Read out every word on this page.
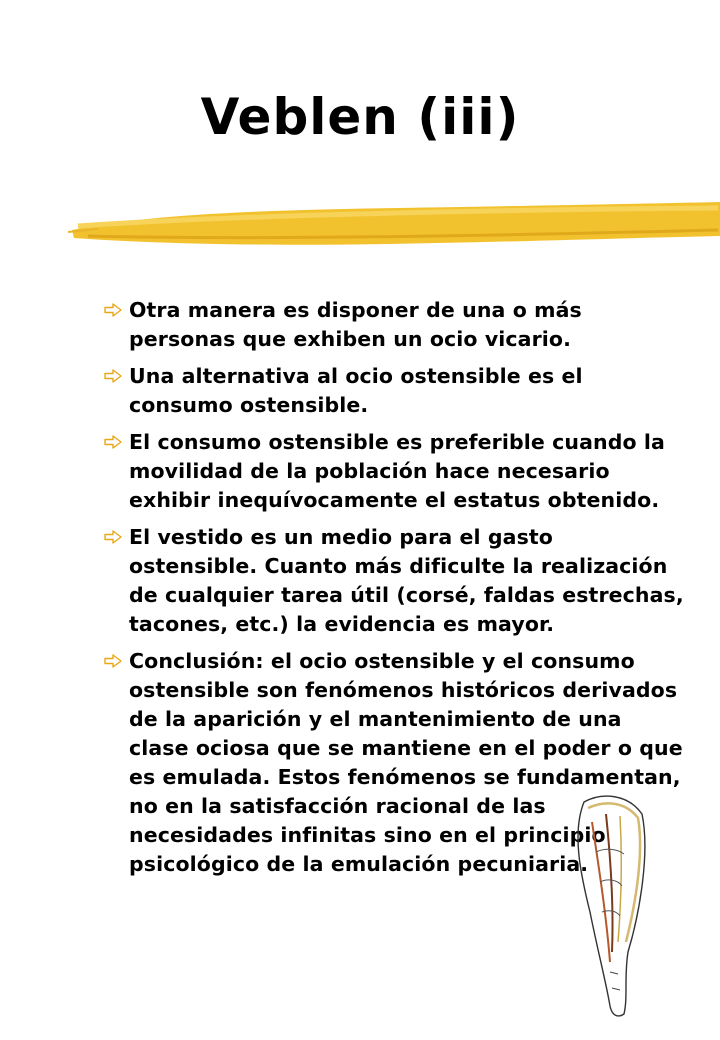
Veblen (iii)
Otra manera es disponer de una o más personas que exhiben un ocio vicario.
Una alternativa al ocio ostensible es el consumo ostensible.
El consumo ostensible es preferible cuando la movilidad de la población hace necesario exhibir inequívocamente el estatus obtenido.
El vestido es un medio para el gasto ostensible. Cuanto más dificulte la realización de cualquier tarea útil (corsé, faldas estrechas, tacones, etc.) la evidencia es mayor.
Conclusión: el ocio ostensible y el consumo ostensible son fenómenos históricos derivados de la aparición y el mantenimiento de una clase ociosa que se mantiene en el poder o que es emulada. Estos fenómenos se fundamentan, no en la satisfacción racional de las necesidades infinitas sino en el principio psicológico de la emulación pecuniaria.
